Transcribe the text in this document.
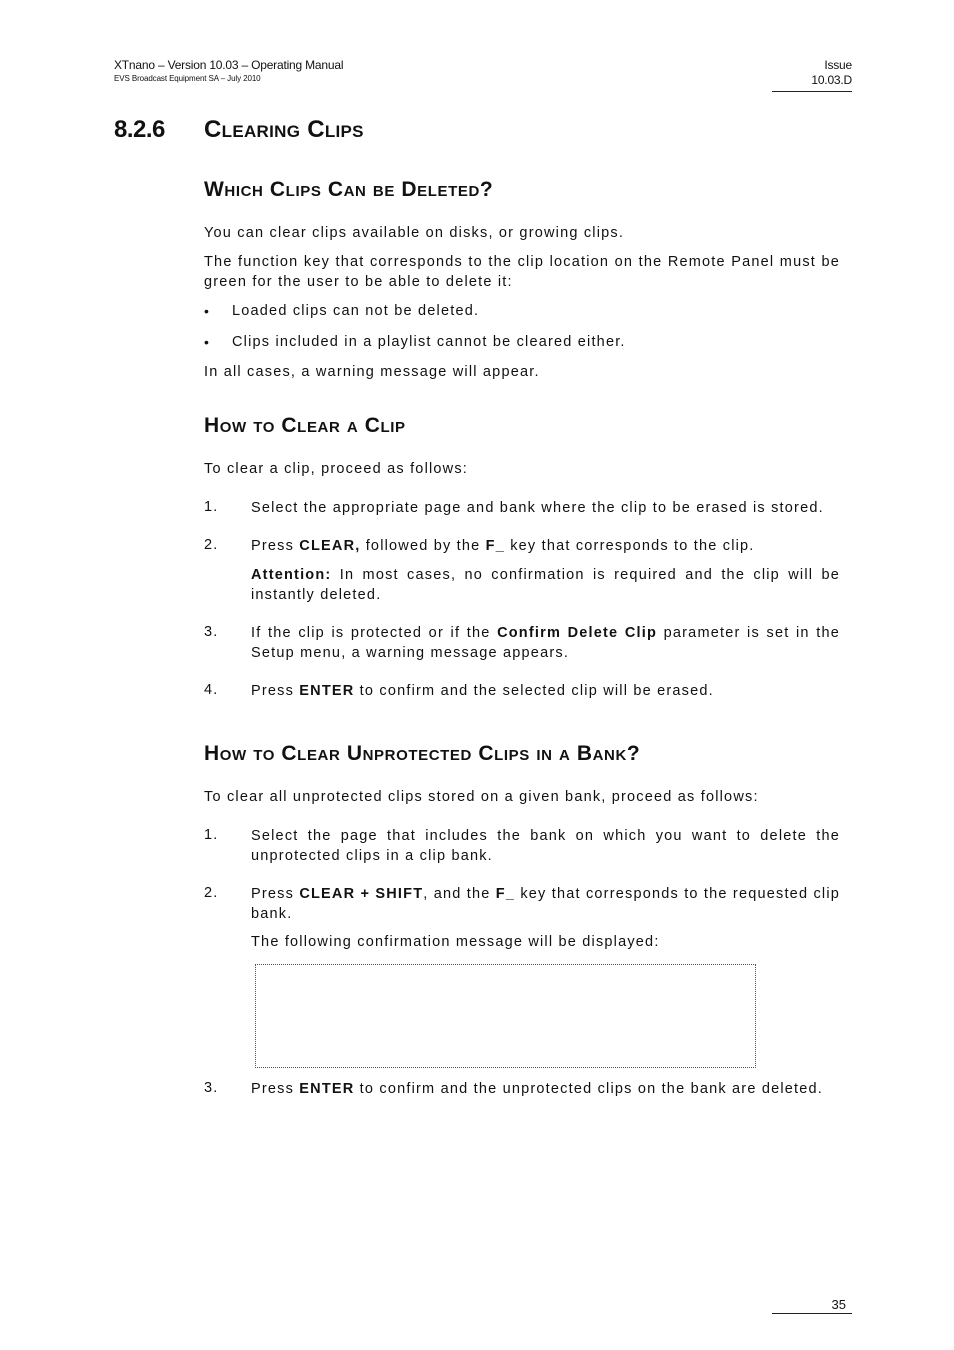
XTnano – Version 10.03 – Operating Manual
EVS Broadcast Equipment SA – July 2010
Issue
10.03.D
8.2.6 Clearing Clips
Which Clips Can be Deleted?
You can clear clips available on disks, or growing clips.
The function key that corresponds to the clip location on the Remote Panel must be green for the user to be able to delete it:
• Loaded clips can not be deleted.
• Clips included in a playlist cannot be cleared either.
In all cases, a warning message will appear.
How to Clear a Clip
To clear a clip, proceed as follows:
1. Select the appropriate page and bank where the clip to be erased is stored.
2. Press CLEAR, followed by the F_ key that corresponds to the clip.
Attention: In most cases, no confirmation is required and the clip will be instantly deleted.
3. If the clip is protected or if the Confirm Delete Clip parameter is set in the Setup menu, a warning message appears.
4. Press ENTER to confirm and the selected clip will be erased.
How to Clear Unprotected Clips in a Bank?
To clear all unprotected clips stored on a given bank, proceed as follows:
1. Select the page that includes the bank on which you want to delete the unprotected clips in a clip bank.
2. Press CLEAR + SHIFT, and the F_ key that corresponds to the requested clip bank.
The following confirmation message will be displayed:
3. Press ENTER to confirm and the unprotected clips on the bank are deleted.
35
